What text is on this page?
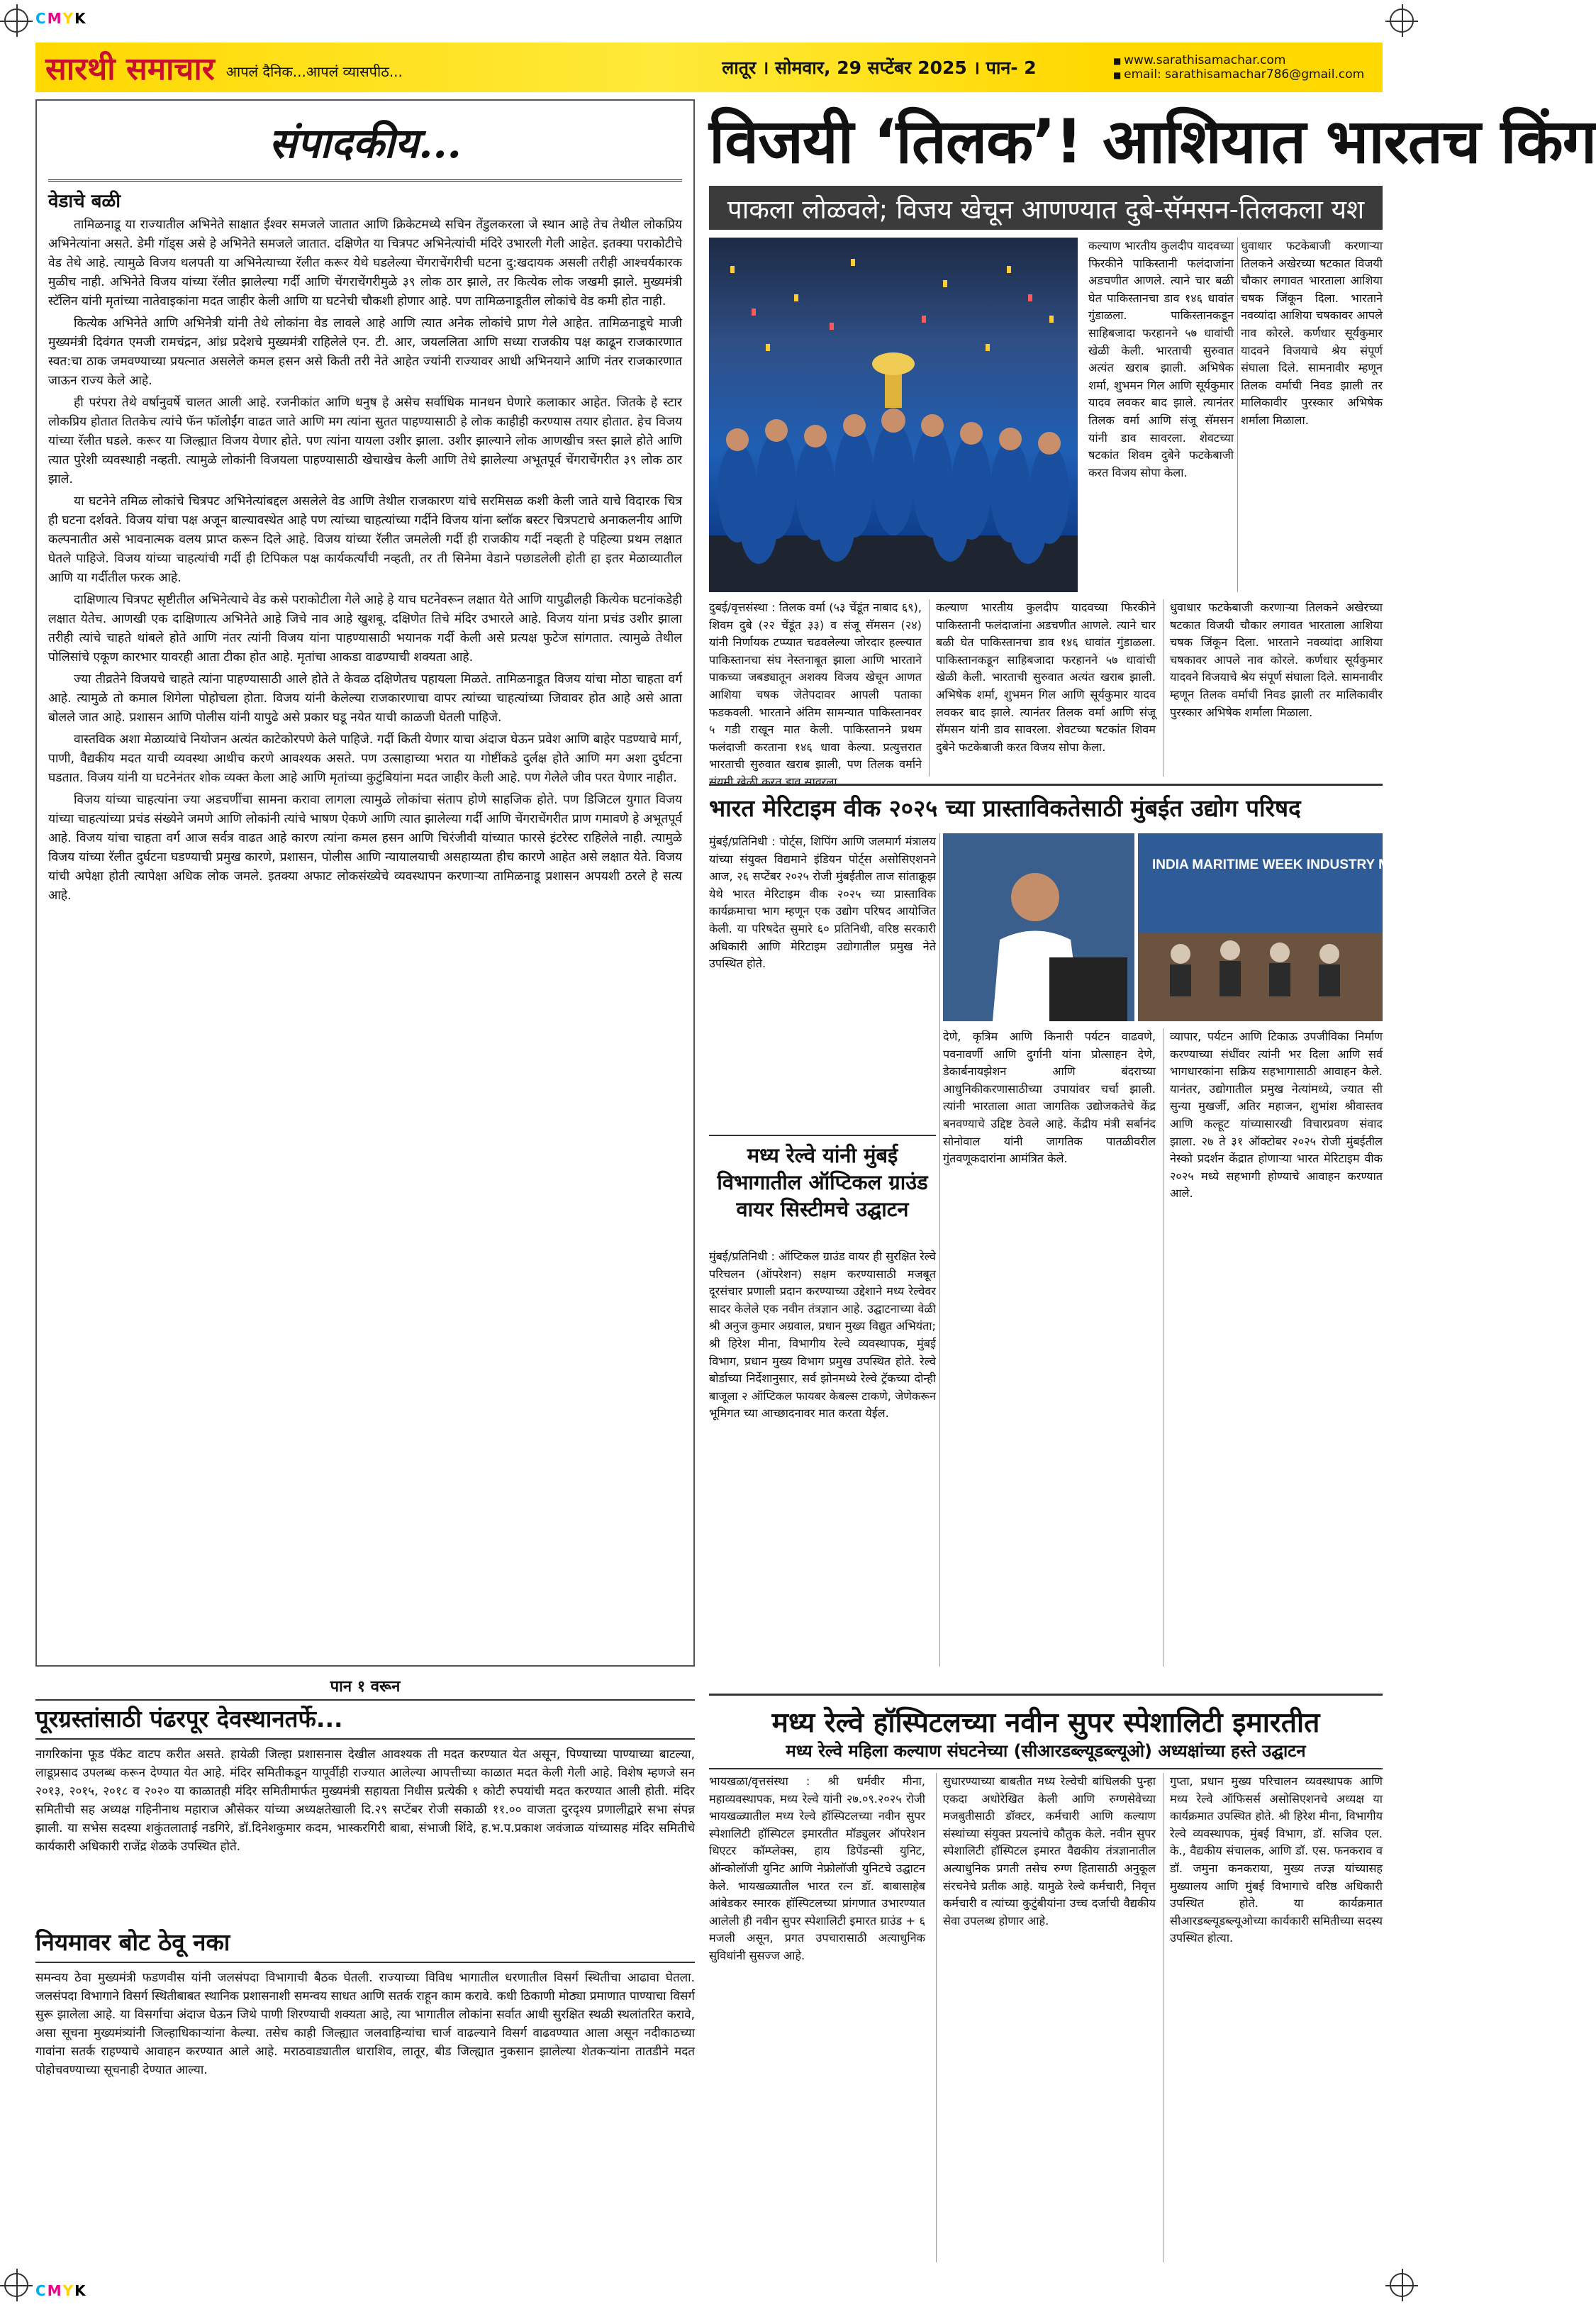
CMYK
CMYK
सारथी समाचार आपलं दैनिक...आपलं व्यासपीठ...	लातूर । सोमवार, 29 सप्टेंबर 2025 । पान- 2
■	www.sarathisamachar.com
■ email: sarathisamachar786@gmail.com
संपादकीय...
वेडाचे बळी

तामिळनाडू या राज्यातील अभिनेते साक्षात ईश्वर समजले जातात आणि क्रिकेटमध्ये सचिन तेंडुलकरला जे स्थान आहे तेच तेथील लोकप्रिय अभिनेत्यांना असते. डेमी गॉड्स असे हे अभिनेते समजले जातात. दक्षिणेत या चित्रपट अभिनेत्यांची मंदिरे उभारली गेली आहेत. इतक्या पराकोटीचे वेड तेथे आहे. त्यामुळे विजय थलपती या अभिनेत्याच्या रॅलीत करूर येथे घडलेल्या चेंगराचेंगरीची घटना दु:खदायक असली तरीही आश्चर्यकारक मुळीच नाही. अभिनेते विजय यांच्या रॅलीत झालेल्या गर्दी आणि चेंगराचेंगरीमुळे ३९ लोक ठार झाले, तर कित्येक लोक जखमी झाले. मुख्यमंत्री स्टॅलिन यांनी मृतांच्या नातेवाइकांना मदत जाहीर केली आणि या घटनेची चौकशी होणार आहे. पण तामिळनाडूतील लोकांचे वेड कमी होत नाही.

कित्येक अभिनेते आणि अभिनेत्री यांनी तेथे लोकांना वेड लावले आहे आणि त्यात अनेक लोकांचे प्राण गेले आहेत. तामिळनाडूचे माजी मुख्यमंत्री दिवंगत एमजी रामचंद्रन, आंध्र प्रदेशचे मुख्यमंत्री राहिलेले एन. टी. आर, जयललिता आणि सध्या राजकीय पक्ष काढून राजकारणात स्वत:चा ठाक जमवण्याच्या प्रयत्नात असलेले कमल हसन असे किती तरी नेते आहेत ज्यांनी राज्यावर आधी अभिनयाने आणि नंतर राजकारणात जाऊन राज्य केले आहे.

ही परंपरा तेथे वर्षानुवर्षे चालत आली आहे. रजनीकांत आणि धनुष हे असेच सर्वाधिक मानधन घेणारे कलाकार आहेत. जितके हे स्टार लोकप्रिय होतात तितकेच त्यांचे फॅन फॉलोईंग वाढत जाते आणि मग त्यांना सुतत पाहण्यासाठी हे लोक काहीही करण्यास तयार होतात. हेच विजय यांच्या रॅलीत घडले. करूर या जिल्ह्यात विजय येणार होते. पण त्यांना यायला उशीर झाला. उशीर झाल्याने लोक आणखीच त्रस्त झाले होते आणि त्यात पुरेशी व्यवस्थाही नव्हती. त्यामुळे लोकांनी विजयला पाहण्यासाठी खेचाखेच केली आणि तेथे झालेल्या अभूतपूर्व चेंगराचेंगरीत ३९ लोक ठार झाले.

या घटनेने तमिळ लोकांचे चित्रपट अभिनेत्यांबद्दल असलेले वेड आणि तेथील राजकारण यांचे सरमिसळ कशी केली जाते याचे विदारक चित्र ही घटना दर्शवते. विजय यांचा पक्ष अजून बाल्यावस्थेत आहे पण त्यांच्या चाहत्यांच्या गर्दीने विजय यांना ब्लॉक बस्टर चित्रपटाचे अनाकलनीय आणि कल्पनातीत असे भावनात्मक वलय प्राप्त करून दिले आहे. विजय यांच्या रॅलीत जमलेली गर्दी ही राजकीय गर्दी नव्हती हे पहिल्या प्रथम लक्षात घेतले पाहिजे. विजय यांच्या चाहत्यांची गर्दी ही टिपिकल पक्ष कार्यकर्त्यांची नव्हती, तर ती सिनेमा वेडाने पछाडलेली होती हा इतर मेळाव्यातील आणि या गर्दीतील फरक आहे.

दाक्षिणात्य चित्रपट सृष्टीतील अभिनेत्याचे वेड कसे पराकोटीला गेले आहे हे याच घटनेवरून लक्षात येते आणि यापुढीलही कित्येक घटनांकडेही लक्षात येतेच. आणखी एक दाक्षिणात्य अभिनेते आहे जिचे नाव आहे खुशबू. दक्षिणेत तिचे मंदिर उभारले आहे. विजय यांना प्रचंड उशीर झाला तरीही त्यांचे चाहते थांबले होते आणि नंतर त्यांनी विजय यांना पाहण्यासाठी भयानक गर्दी केली असे प्रत्यक्ष फुटेज सांगतात. त्यामुळे तेथील पोलिसांचे एकूण कारभार यावरही आता टीका होत आहे. मृतांचा आकडा वाढण्याची शक्यता आहे.

ज्या तीव्रतेने विजयचे चाहते त्यांना पाहण्यासाठी आले होते ते केवळ दक्षिणेतच पहायला मिळते. तामिळनाडूत विजय यांचा मोठा चाहता वर्ग आहे. त्यामुळे तो कमाल शिगेला पोहोचला होता. विजय यांनी केलेल्या राजकारणाचा वापर त्यांच्या चाहत्यांच्या जिवावर होत आहे असे आता बोलले जात आहे. प्रशासन आणि पोलीस यांनी यापुढे असे प्रकार घडू नयेत याची काळजी घेतली पाहिजे.

वास्तविक अशा मेळाव्यांचे नियोजन अत्यंत काटेकोरपणे केले पाहिजे. गर्दी किती येणार याचा अंदाज घेऊन प्रवेश आणि बाहेर पडण्याचे मार्ग, पाणी, वैद्यकीय मदत याची व्यवस्था आधीच करणे आवश्यक असते. पण उत्साहाच्या भरात या गोष्टींकडे दुर्लक्ष होते आणि मग अशा दुर्घटना घडतात. विजय यांनी या घटनेनंतर शोक व्यक्त केला आहे आणि मृतांच्या कुटुंबियांना मदत जाहीर केली आहे. पण गेलेले जीव परत येणार नाहीत.

विजय यांच्या चाहत्यांना ज्या अडचणींचा सामना करावा लागला त्यामुळे लोकांचा संताप होणे साहजिक होते. पण डिजिटल युगात विजय यांच्या चाहत्यांच्या प्रचंड संख्येने जमणे आणि लोकांनी त्यांचे भाषण ऐकणे आणि त्यात झालेल्या गर्दी आणि चेंगराचेंगरीत प्राण गमावणे हे अभूतपूर्व आहे. विजय यांचा चाहता वर्ग आज सर्वत्र वाढत आहे कारण त्यांना कमल हसन आणि चिरंजीवी यांच्यात फारसे इंटरेस्ट राहिलेले नाही. त्यामुळे विजय यांच्या रॅलीत दुर्घटना घडण्याची प्रमुख कारणे, प्रशासन, पोलीस आणि न्यायालयाची असहाय्यता हीच कारणे आहेत असे लक्षात येते. विजय यांची अपेक्षा होती त्यापेक्षा अधिक लोक जमले. इतक्या अफाट लोकसंख्येचे व्यवस्थापन करणाऱ्या तामिळनाडू प्रशासन अपयशी ठरले हे सत्य आहे.

पान १ वरून
पूरग्रस्तांसाठी पंढरपूर देवस्थानतर्फे...
नागरिकांना फूड पॅकेट वाटप करीत असते. हायेळी जिल्हा प्रशासनास देखील आवश्यक ती मदत करण्यात येत असून, पिण्याच्या पाण्याच्या बाटल्या, लाडूप्रसाद उपलब्ध करून देण्यात येत आहे. मंदिर समितीकडून यापूर्वीही राज्यात आलेल्या आपत्तीच्या काळात मदत केली गेली आहे. विशेष म्हणजे सन २०१३, २०१५, २०१८ व २०२० या काळातही मंदिर समितीमार्फत मुख्यमंत्री सहायता निधीस प्रत्येकी १ कोटी रुपयांची मदत करण्यात आली होती. मंदिर समितीची सह अध्यक्ष गहिनीनाथ महाराज औसेकर यांच्या अध्यक्षतेखाली दि.२९ सप्टेंबर रोजी सकाळी ११.०० वाजता दुरदृश्य प्रणालीद्वारे सभा संपन्न झाली. या सभेस सदस्या शकुंतलाताई नडगिरे, डॉ.दिनेशकुमार कदम, भास्करगिरी बाबा, संभाजी शिंदे, ह.भ.प.प्रकाश जवंजाळ यांच्यासह मंदिर समितीचे कार्यकारी अधिकारी राजेंद्र शेळके उपस्थित होते.
नियमावर बोट ठेवू नका
समन्वय ठेवा मुख्यमंत्री फडणवीस यांनी जलसंपदा विभागाची बैठक घेतली. राज्याच्या विविध भागातील धरणातील विसर्ग स्थितीचा आढावा घेतला. जलसंपदा विभागाने विसर्ग स्थितीबाबत स्थानिक प्रशासनाशी समन्वय साधत आणि सतर्क राहून काम करावे. कधी ठिकाणी मोठ्या प्रमाणात पाण्याचा विसर्ग सुरू झालेला आहे. या विसर्गाचा अंदाज घेऊन जिथे पाणी शिरण्याची शक्यता आहे, त्या भागातील लोकांना सर्वात आधी सुरक्षित स्थळी स्थलांतरित करावे, असा सूचना मुख्यमंत्र्यांनी जिल्हाधिकाऱ्यांना केल्या. तसेच काही जिल्ह्यात जलवाहिन्यांचा चार्ज वाढल्याने विसर्ग वाढवण्यात आला असून नदीकाठच्या गावांना सतर्क राहण्याचे आवाहन करण्यात आले आहे. मराठवाड्यातील धाराशिव, लातूर, बीड जिल्ह्यात नुकसान झालेल्या शेतकऱ्यांना तातडीने मदत पोहोचवण्याच्या सूचनाही देण्यात आल्या.
विजयी ‘तिलक’! आशियात भारतच किंग
पाकला लोळवले; विजय खेचून आणण्यात दुबे-सॅमसन-तिलकला यश
कल्याण भारतीय कुलदीप यादवच्या फिरकीने पाकिस्तानी फलंदाजांना अडचणीत आणले. त्याने चार बळी घेत पाकिस्तानचा डाव १४६ धावांत गुंडाळला. पाकिस्तानकडून साहिबजादा फरहानने ५७ धावांची खेळी केली. भारताची सुरुवात अत्यंत खराब झाली. अभिषेक शर्मा, शुभमन गिल आणि सूर्यकुमार यादव लवकर बाद झाले. त्यानंतर तिलक वर्मा आणि संजू सॅमसन यांनी डाव सावरला. शेवटच्या षटकांत शिवम दुबेने फटकेबाजी करत विजय सोपा केला.
धुवाधार फटकेबाजी करणाऱ्या तिलकने अखेरच्या षटकात विजयी चौकार लगावत भारताला आशिया चषक जिंकून दिला. भारताने नवव्यांदा आशिया चषकावर आपले नाव कोरले. कर्णधार सूर्यकुमार यादवने विजयाचे श्रेय संपूर्ण संघाला दिले. सामनावीर म्हणून तिलक वर्माची निवड झाली तर मालिकावीर पुरस्कार अभिषेक शर्माला मिळाला.
दुबई/वृत्तसंस्था : तिलक वर्मा (५३ चेंडूंत नाबाद ६९), शिवम दुबे (२२ चेंडूंत ३३) व संजू सॅमसन (२४) यांनी निर्णायक टप्प्यात चढवलेल्या जोरदार हल्ल्यात पाकिस्तानचा संघ नेस्तनाबूत झाला आणि भारताने पाकच्या जबड्यातून अशक्य विजय खेचून आणत आशिया चषक जेतेपदावर आपली पताका फडकवली. भारताने अंतिम सामन्यात पाकिस्तानवर ५ गडी राखून मात केली. पाकिस्तानने प्रथम फलंदाजी करताना १४६ धावा केल्या. प्रत्युत्तरात भारताची सुरुवात खराब झाली, पण तिलक वर्माने संयमी खेळी करत डाव सावरला.
कल्याण भारतीय कुलदीप यादवच्या फिरकीने पाकिस्तानी फलंदाजांना अडचणीत आणले. त्याने चार बळी घेत पाकिस्तानचा डाव १४६ धावांत गुंडाळला. पाकिस्तानकडून साहिबजादा फरहानने ५७ धावांची खेळी केली. भारताची सुरुवात अत्यंत खराब झाली. अभिषेक शर्मा, शुभमन गिल आणि सूर्यकुमार यादव लवकर बाद झाले. त्यानंतर तिलक वर्मा आणि संजू सॅमसन यांनी डाव सावरला. शेवटच्या षटकांत शिवम दुबेने फटकेबाजी करत विजय सोपा केला.
धुवाधार फटकेबाजी करणाऱ्या तिलकने अखेरच्या षटकात विजयी चौकार लगावत भारताला आशिया चषक जिंकून दिला. भारताने नवव्यांदा आशिया चषकावर आपले नाव कोरले. कर्णधार सूर्यकुमार यादवने विजयाचे श्रेय संपूर्ण संघाला दिले. सामनावीर म्हणून तिलक वर्माची निवड झाली तर मालिकावीर पुरस्कार अभिषेक शर्माला मिळाला.
भारत मेरिटाइम वीक २०२५ च्या प्रास्ताविकतेसाठी मुंबईत उद्योग परिषद
मुंबई/प्रतिनिधी : पोर्ट्स, शिपिंग आणि जलमार्ग मंत्रालय यांच्या संयुक्त विद्यमाने इंडियन पोर्ट्स असोसिएशनने आज, २६ सप्टेंबर २०२५ रोजी मुंबईतील ताज सांताक्रूझ येथे भारत मेरिटाइम वीक २०२५ च्या प्रास्ताविक कार्यक्रमाचा भाग म्हणून एक उद्योग परिषद आयोजित केली. या परिषदेत सुमारे ६० प्रतिनिधी, वरिष्ठ सरकारी अधिकारी आणि मेरिटाइम उद्योगातील प्रमुख नेते उपस्थित होते.
INDIA MARITIME WEEK INDUSTRY MEET
देणे, कृत्रिम आणि किनारी पर्यटन वाढवणे, पवनावर्णी आणि दुर्गानी यांना प्रोत्साहन देणे, डेकार्बनायझेशन आणि बंदराच्या आधुनिकीकरणासाठीच्या उपायांवर चर्चा झाली. त्यांनी भारताला आता जागतिक उद्योजकतेचे केंद्र बनवण्याचे उद्दिष्ट ठेवले आहे. केंद्रीय मंत्री सर्बानंद सोनोवाल यांनी जागतिक पातळीवरील गुंतवणूकदारांना आमंत्रित केले.
व्यापार, पर्यटन आणि टिकाऊ उपजीविका निर्माण करण्याच्या संधींवर त्यांनी भर दिला आणि सर्व भागधारकांना सक्रिय सहभागासाठी आवाहन केले. यानंतर, उद्योगातील प्रमुख नेत्यांमध्ये, ज्यात सी सुन्या मुखर्जी, अतिर महाजन, शुभांश श्रीवास्तव आणि कल्हूट यांच्यासारखी विचारप्रवण संवाद झाला. २७ ते ३१ ऑक्टोबर २०२५ रोजी मुंबईतील नेस्को प्रदर्शन केंद्रात होणाऱ्या भारत मेरिटाइम वीक २०२५ मध्ये सहभागी होण्याचे आवाहन करण्यात आले.
मध्य रेल्वे यांनी मुंबई विभागातील ऑप्टिकल ग्राउंड वायर सिस्टीमचे उद्घाटन
मुंबई/प्रतिनिधी : ऑप्टिकल ग्राउंड वायर ही सुरक्षित रेल्वे परिचलन (ऑपरेशन) सक्षम करण्यासाठी मजबूत दूरसंचार प्रणाली प्रदान करण्याच्या उद्देशाने मध्य रेल्वेवर सादर केलेले एक नवीन तंत्रज्ञान आहे. उद्घाटनाच्या वेळी श्री अनुज कुमार अग्रवाल, प्रधान मुख्य विद्युत अभियंता; श्री हिरेश मीना, विभागीय रेल्वे व्यवस्थापक, मुंबई विभाग, प्रधान मुख्य विभाग प्रमुख उपस्थित होते. रेल्वे बोर्डाच्या निर्देशानुसार, सर्व झोनमध्ये रेल्वे ट्रॅकच्या दोन्ही बाजूला २ ऑप्टिकल फायबर केबल्स टाकणे, जेणेकरून भूमिगत च्या आच्छादनावर मात करता येईल.
मध्य रेल्वे हॉस्पिटलच्या नवीन सुपर स्पेशालिटी इमारतीत
मध्य रेल्वे महिला कल्याण संघटनेच्या (सीआरडब्ल्यूडब्ल्यूओ) अध्यक्षांच्या हस्ते उद्घाटन
भायखळा/वृत्तसंस्था : श्री धर्मवीर मीना, महाव्यवस्थापक, मध्य रेल्वे यांनी २७.०९.२०२५ रोजी भायखळ्यातील मध्य रेल्वे हॉस्पिटलच्या नवीन सुपर स्पेशालिटी हॉस्पिटल इमारतीत मॉड्युलर ऑपरेशन थिएटर कॉम्प्लेक्स, हाय डिपेंडन्सी युनिट, ऑन्कोलॉजी युनिट आणि नेफ्रोलॉजी युनिटचे उद्घाटन केले. भायखळ्यातील भारत रत्न डॉ. बाबासाहेब आंबेडकर स्मारक हॉस्पिटलच्या प्रांगणात उभारण्यात आलेली ही नवीन सुपर स्पेशालिटी इमारत ग्राउंड + ६ मजली असून, प्रगत उपचारासाठी अत्याधुनिक सुविधांनी सुसज्ज आहे.
सुधारण्याच्या बाबतीत मध्य रेल्वेची बांधिलकी पुन्हा एकदा अधोरेखित केली आणि रुग्णसेवेच्या मजबुतीसाठी डॉक्टर, कर्मचारी आणि कल्याण संस्थांच्या संयुक्त प्रयत्नांचे कौतुक केले. नवीन सुपर स्पेशालिटी हॉस्पिटल इमारत वैद्यकीय तंत्रज्ञानातील अत्याधुनिक प्रगती तसेच रुग्ण हितासाठी अनुकूल संरचनेचे प्रतीक आहे. यामुळे रेल्वे कर्मचारी, निवृत्त कर्मचारी व त्यांच्या कुटुंबीयांना उच्च दर्जाची वैद्यकीय सेवा उपलब्ध होणार आहे.
गुप्ता, प्रधान मुख्य परिचालन व्यवस्थापक आणि मध्य रेल्वे ऑफिसर्स असोसिएशनचे अध्यक्ष या कार्यक्रमात उपस्थित होते. श्री हिरेश मीना, विभागीय रेल्वे व्यवस्थापक, मुंबई विभाग, डॉ. सजिव एल. के., वैद्यकीय संचालक, आणि डॉ. एस. फनकराव व डॉ. जमुना कनकराया, मुख्य तज्ज्ञ यांच्यासह मुख्यालय आणि मुंबई विभागाचे वरिष्ठ अधिकारी उपस्थित होते. या कार्यक्रमात सीआरडब्ल्यूडब्ल्यूओच्या कार्यकारी समितीच्या सदस्य उपस्थित होत्या.
